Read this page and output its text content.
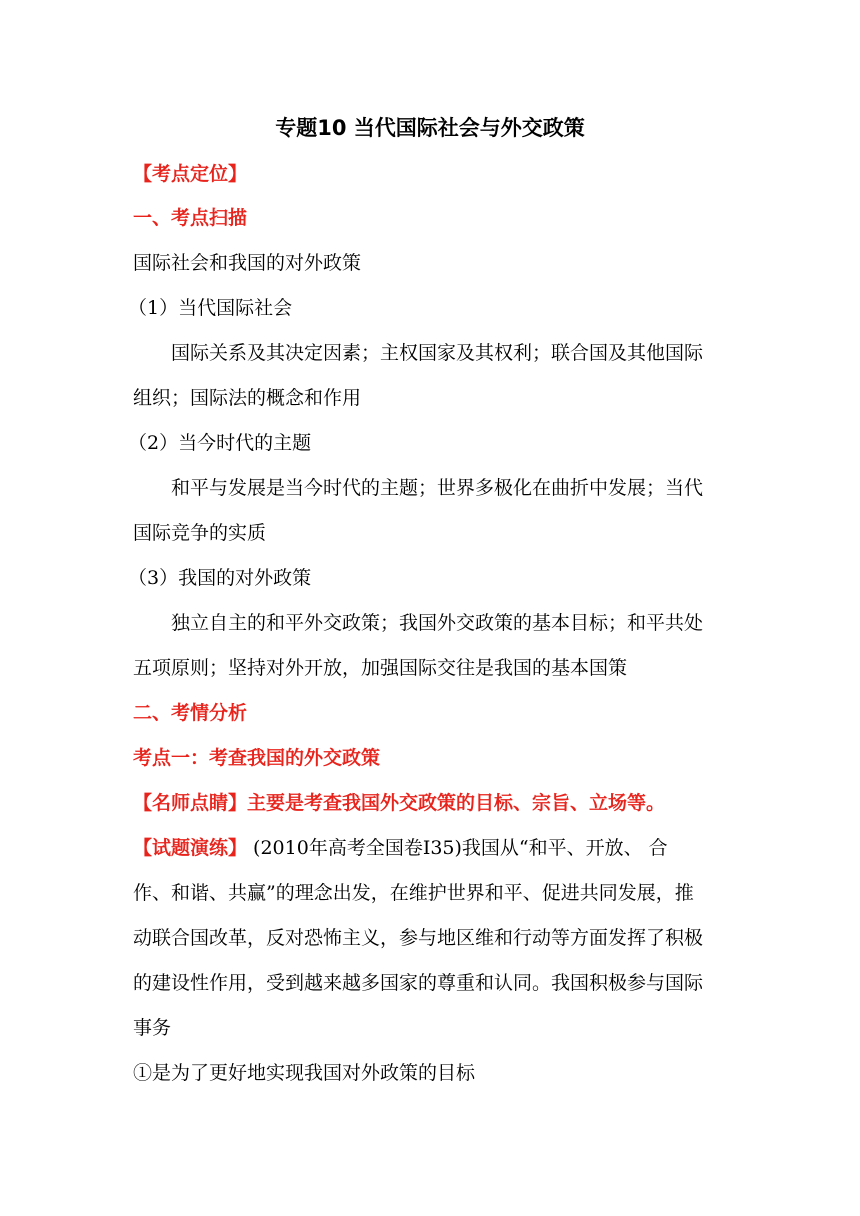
专题10 当代国际社会与外交政策
【考点定位】
一、考点扫描
国际社会和我国的对外政策
（1）当代国际社会
国际关系及其决定因素；主权国家及其权利；联合国及其他国际
组织；国际法的概念和作用
（2）当今时代的主题
和平与发展是当今时代的主题；世界多极化在曲折中发展；当代
国际竞争的实质
（3）我国的对外政策
独立自主的和平外交政策；我国外交政策的基本目标；和平共处
五项原则；坚持对外开放，加强国际交往是我国的基本国策
二、考情分析
考点一：考查我国的外交政策
【名师点睛】主要是考查我国外交政策的目标、宗旨、立场等。
【试题演练】 (2010年高考全国卷Ⅰ35)我国从“和平、开放、 合
作、和谐、共赢”的理念出发，在维护世界和平、促进共同发展，推
动联合国改革，反对恐怖主义，参与地区维和行动等方面发挥了积极
的建设性作用，受到越来越多国家的尊重和认同。我国积极参与国际
事务
①是为了更好地实现我国对外政策的目标
